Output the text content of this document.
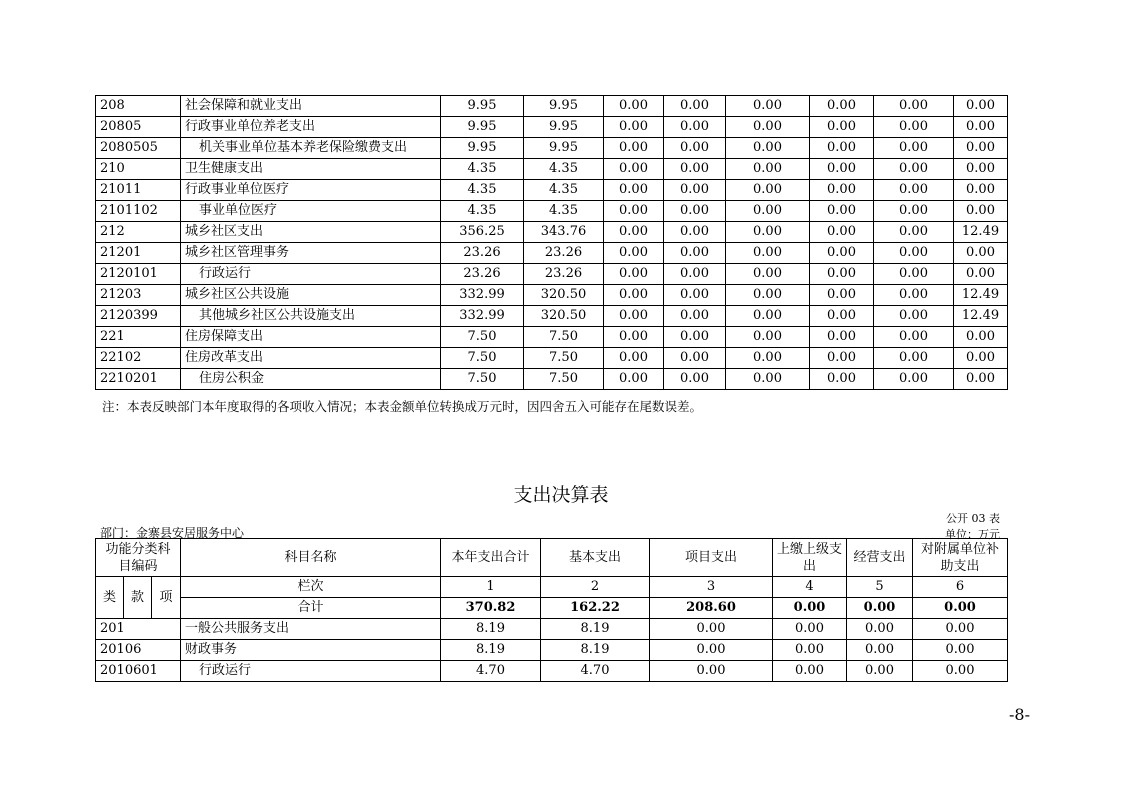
208	社会保障和就业支出	9.95	9.95	0.00	0.00	0.00	0.00	0.00	0.00
20805	行政事业单位养老支出	9.95	9.95	0.00	0.00	0.00	0.00	0.00	0.00
2080505	机关事业单位基本养老保险缴费支出	9.95	9.95	0.00	0.00	0.00	0.00	0.00	0.00
210	卫生健康支出	4.35	4.35	0.00	0.00	0.00	0.00	0.00	0.00
21011	行政事业单位医疗	4.35	4.35	0.00	0.00	0.00	0.00	0.00	0.00
2101102	事业单位医疗	4.35	4.35	0.00	0.00	0.00	0.00	0.00	0.00
212	城乡社区支出	356.25	343.76	0.00	0.00	0.00	0.00	0.00	12.49
21201	城乡社区管理事务	23.26	23.26	0.00	0.00	0.00	0.00	0.00	0.00
2120101	行政运行	23.26	23.26	0.00	0.00	0.00	0.00	0.00	0.00
21203	城乡社区公共设施	332.99	320.50	0.00	0.00	0.00	0.00	0.00	12.49
2120399	其他城乡社区公共设施支出	332.99	320.50	0.00	0.00	0.00	0.00	0.00	12.49
221	住房保障支出	7.50	7.50	0.00	0.00	0.00	0.00	0.00	0.00
22102	住房改革支出	7.50	7.50	0.00	0.00	0.00	0.00	0.00	0.00
2210201	住房公积金	7.50	7.50	0.00	0.00	0.00	0.00	0.00	0.00
注：本表反映部门本年度取得的各项收入情况；本表金额单位转换成万元时，因四舍五入可能存在尾数误差。
支出决算表
公开 03 表
部门：金寨县安居服务中心	单位：万元
功能分类科目编码			科目名称	本年支出合计	基本支出	项目支出	上缴上级支出	经营支出	对附属单位补助支出

类	款	项	栏次	1	2	3	4	5	6
			合计	370.82	162.22	208.60	0.00	0.00	0.00
201			一般公共服务支出	8.19	8.19	0.00	0.00	0.00	0.00
20106			财政事务	8.19	8.19	0.00	0.00	0.00	0.00
2010601			行政运行	4.70	4.70	0.00	0.00	0.00	0.00
-8-
